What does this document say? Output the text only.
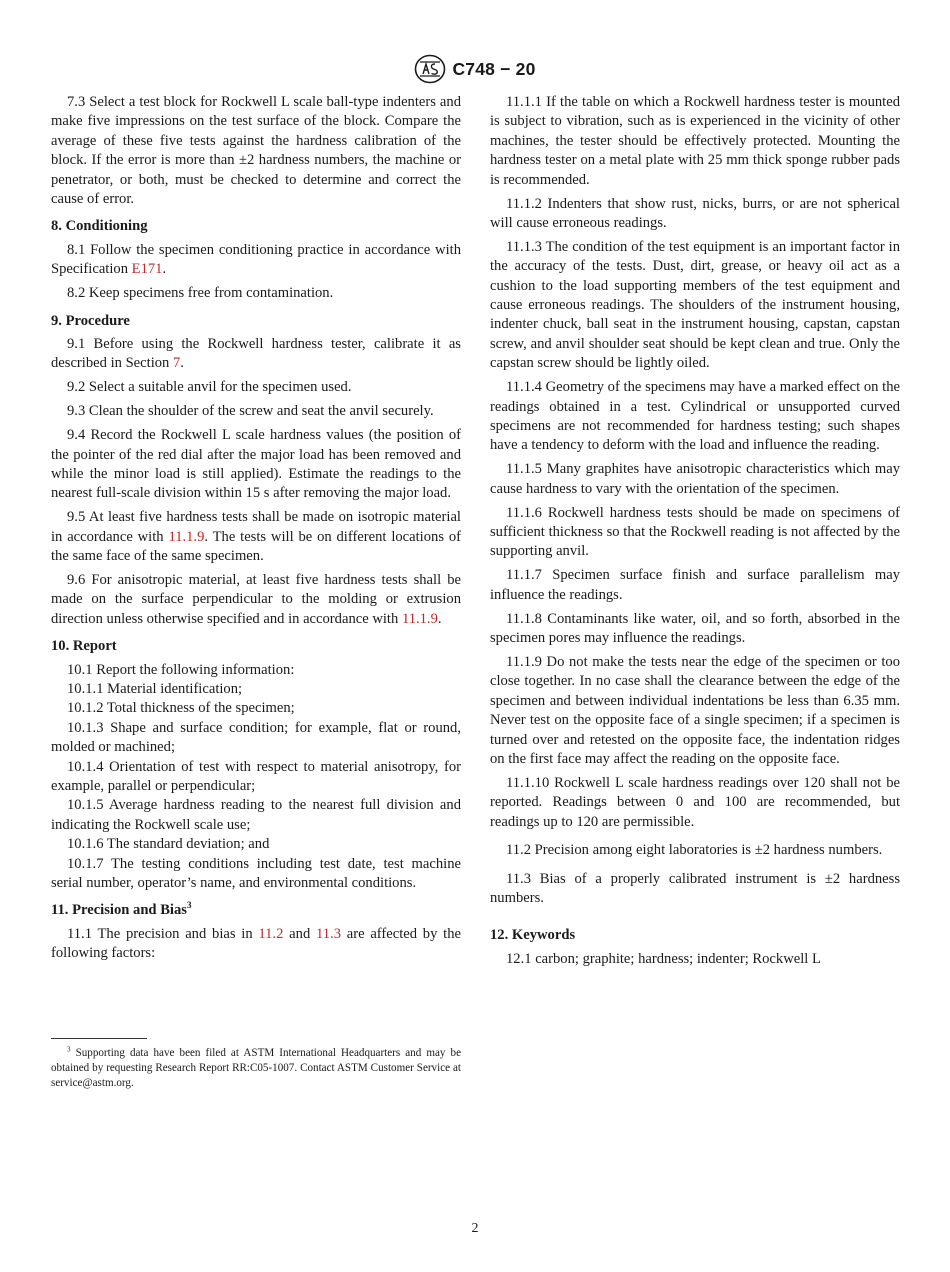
C748 − 20

7.3 Select a test block for Rockwell L scale ball-type indenters and make five impressions on the test surface of the block. Compare the average of these five tests against the hardness calibration of the block. If the error is more than ±2 hardness numbers, the machine or penetrator, or both, must be checked to determine and correct the cause of error.

8. Conditioning

8.1 Follow the specimen conditioning practice in accordance with Specification E171.

8.2 Keep specimens free from contamination.

9. Procedure

9.1 Before using the Rockwell hardness tester, calibrate it as described in Section 7.

9.2 Select a suitable anvil for the specimen used.

9.3 Clean the shoulder of the screw and seat the anvil securely.

9.4 Record the Rockwell L scale hardness values (the position of the pointer of the red dial after the major load has been removed and while the minor load is still applied). Estimate the readings to the nearest full-scale division within 15 s after removing the major load.

9.5 At least five hardness tests shall be made on isotropic material in accordance with 11.1.9. The tests will be on different locations of the same face of the same specimen.

9.6 For anisotropic material, at least five hardness tests shall be made on the surface perpendicular to the molding or extrusion direction unless otherwise specified and in accordance with 11.1.9.

10. Report

10.1 Report the following information:

10.1.1 Material identification;

10.1.2 Total thickness of the specimen;

10.1.3 Shape and surface condition; for example, flat or round, molded or machined;

10.1.4 Orientation of test with respect to material anisotropy, for example, parallel or perpendicular;

10.1.5 Average hardness reading to the nearest full division and indicating the Rockwell scale use;

10.1.6 The standard deviation; and

10.1.7 The testing conditions including test date, test machine serial number, operator’s name, and environmental conditions.

11. Precision and Bias$^3$

11.1 The precision and bias in 11.2 and 11.3 are affected by the following factors:

$^3$ Supporting data have been filed at ASTM International Headquarters and may be obtained by requesting Research Report RR:C05-1007. Contact ASTM Customer Service at service@astm.org.

11.1.1 If the table on which a Rockwell hardness tester is mounted is subject to vibration, such as is experienced in the vicinity of other machines, the tester should be effectively protected. Mounting the hardness tester on a metal plate with 25 mm thick sponge rubber pads is recommended.

11.1.2 Indenters that show rust, nicks, burrs, or are not spherical will cause erroneous readings.

11.1.3 The condition of the test equipment is an important factor in the accuracy of the tests. Dust, dirt, grease, or heavy oil act as a cushion to the load supporting members of the test equipment and cause erroneous readings. The shoulders of the instrument housing, indenter chuck, ball seat in the instrument housing, capstan, capstan screw, and anvil shoulder seat should be kept clean and true. Only the capstan screw should be lightly oiled.

11.1.4 Geometry of the specimens may have a marked effect on the readings obtained in a test. Cylindrical or unsupported curved specimens are not recommended for hardness testing; such shapes have a tendency to deform with the load and influence the reading.

11.1.5 Many graphites have anisotropic characteristics which may cause hardness to vary with the orientation of the specimen.

11.1.6 Rockwell hardness tests should be made on specimens of sufficient thickness so that the Rockwell reading is not affected by the supporting anvil.

11.1.7 Specimen surface finish and surface parallelism may influence the readings.

11.1.8 Contaminants like water, oil, and so forth, absorbed in the specimen pores may influence the readings.

11.1.9 Do not make the tests near the edge of the specimen or too close together. In no case shall the clearance between the edge of the specimen and between individual indentations be less than 6.35 mm. Never test on the opposite face of a single specimen; if a specimen is turned over and retested on the opposite face, the indentation ridges on the first face may affect the reading on the opposite face.

11.1.10 Rockwell L scale hardness readings over 120 shall not be reported. Readings between 0 and 100 are recommended, but readings up to 120 are permissible.

11.2 Precision among eight laboratories is ±2 hardness numbers.

11.3 Bias of a properly calibrated instrument is ±2 hardness numbers.

12. Keywords

12.1 carbon; graphite; hardness; indenter; Rockwell L

2
